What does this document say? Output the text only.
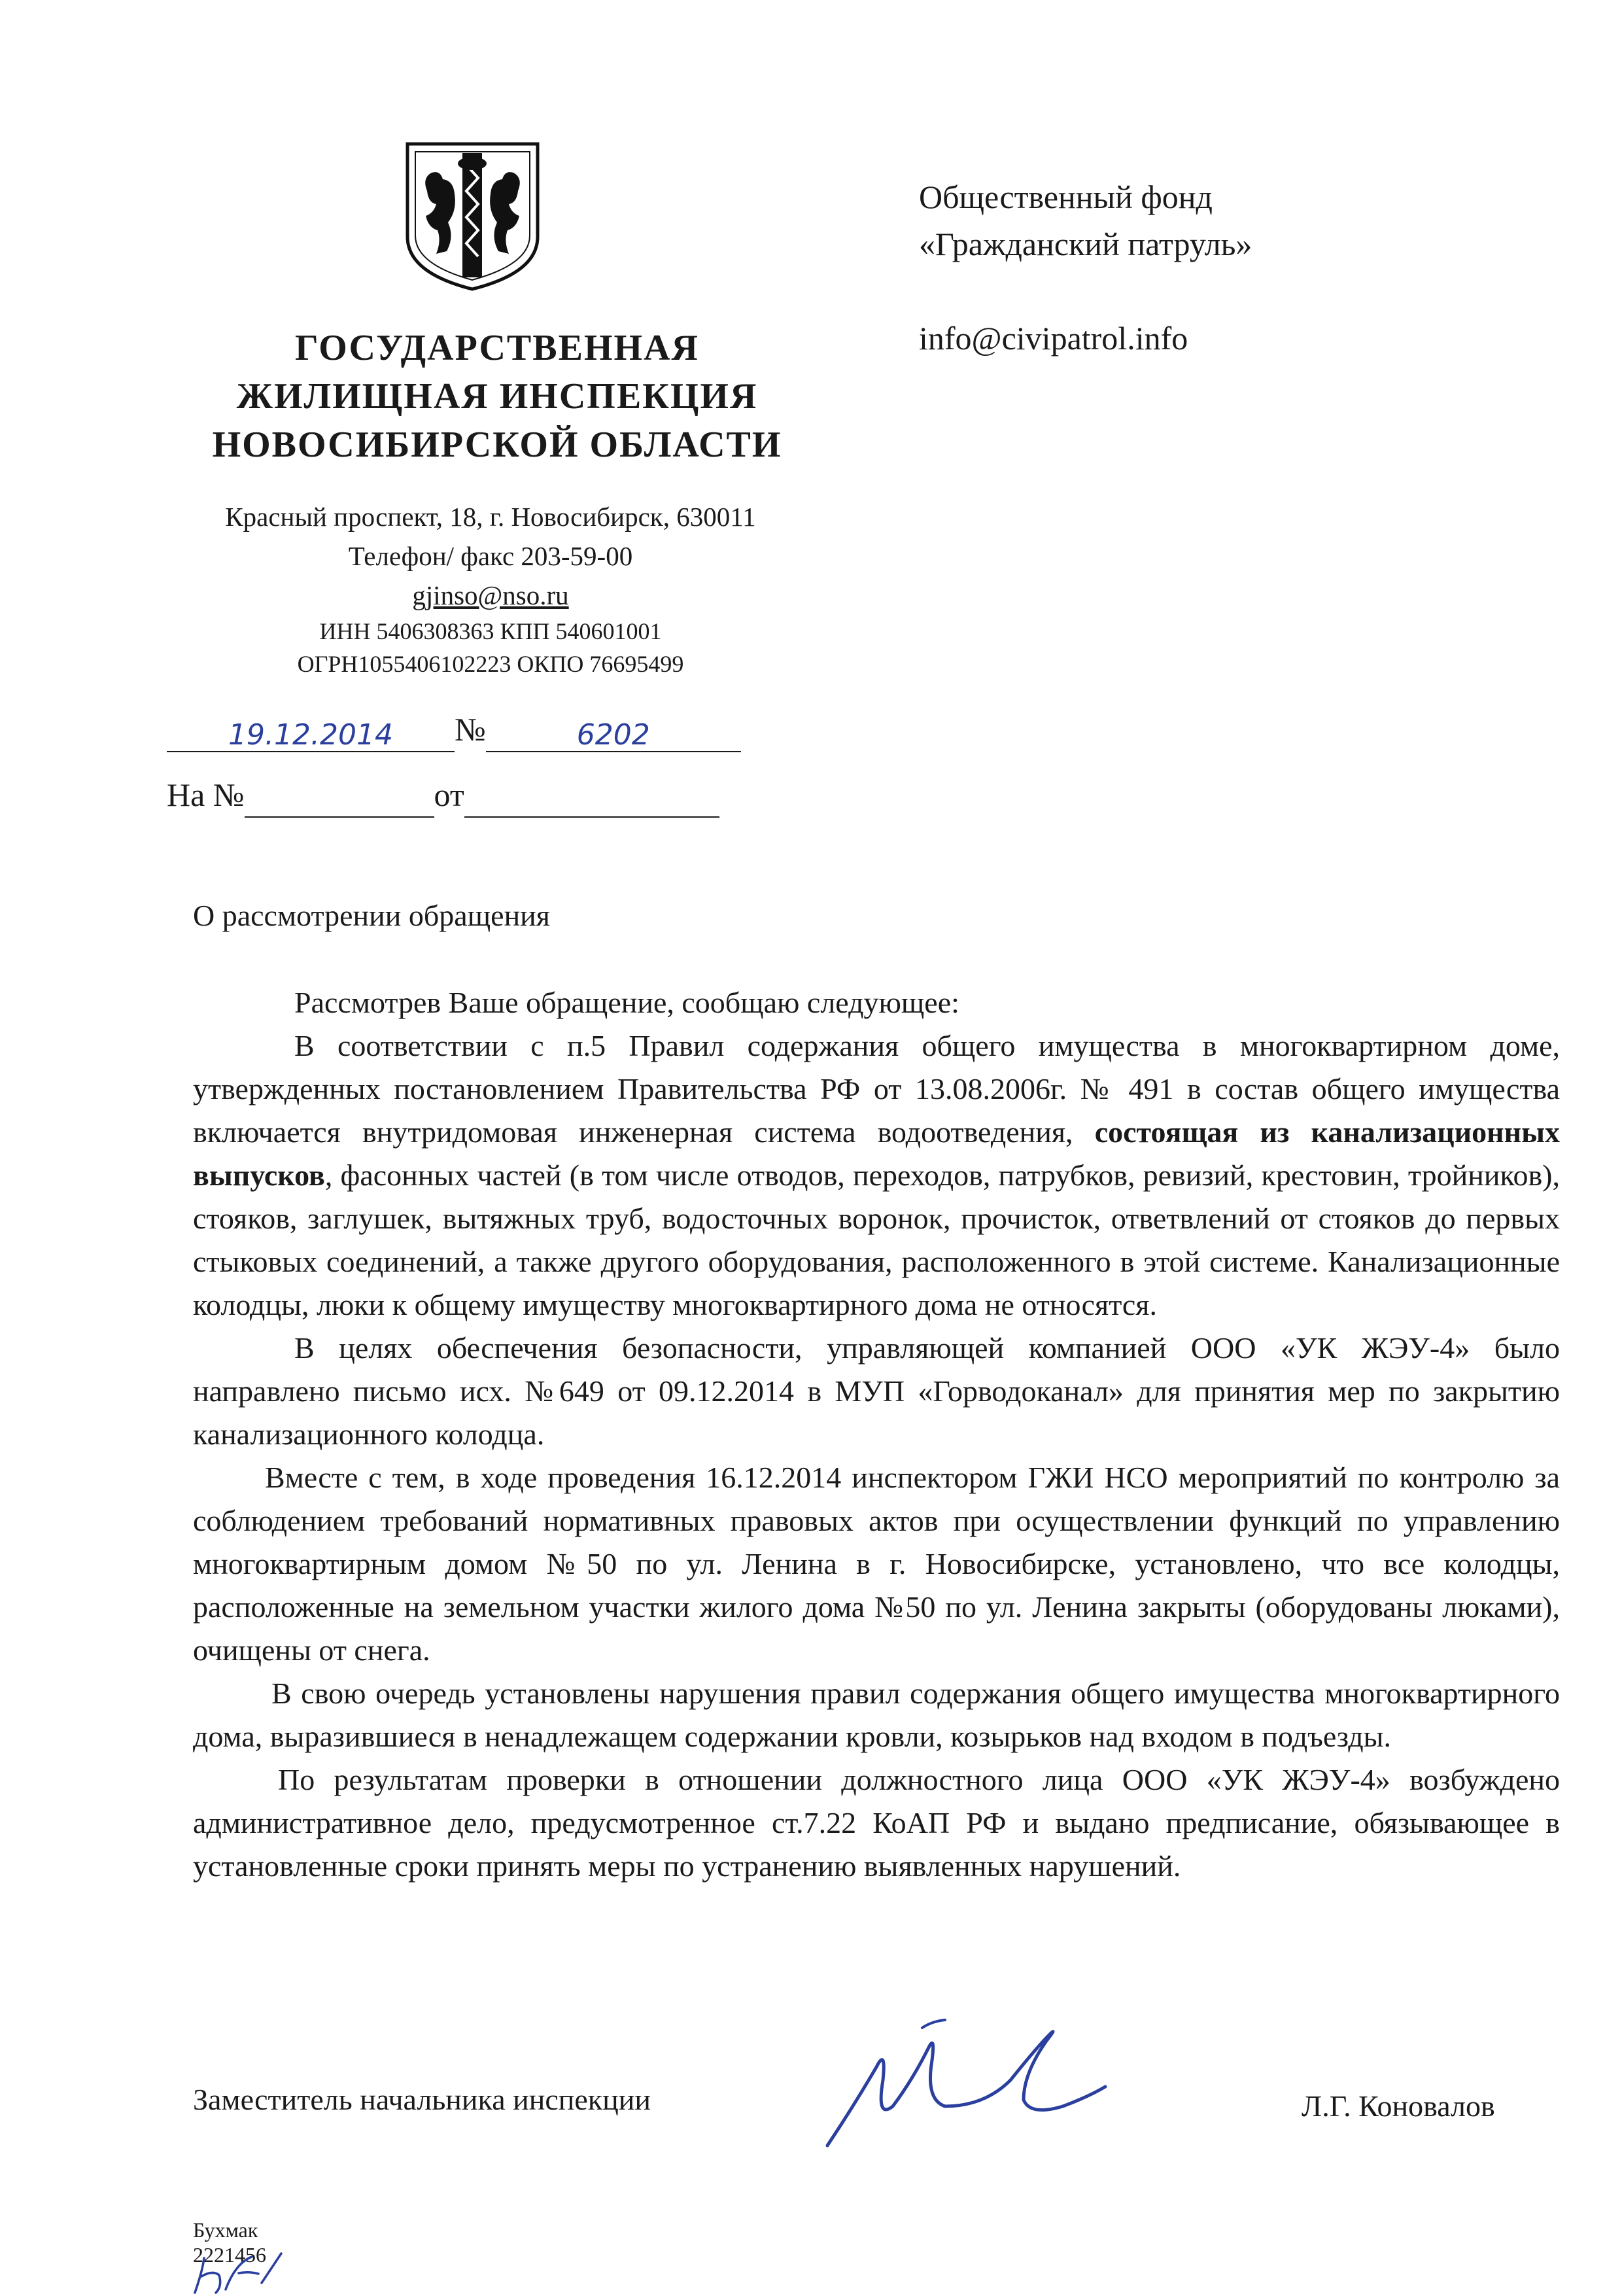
ГОСУДАРСТВЕННАЯ
ЖИЛИЩНАЯ ИНСПЕКЦИЯ
НОВОСИБИРСКОЙ ОБЛАСТИ
Красный проспект, 18, г. Новосибирск, 630011
Телефон/ факс 203-59-00
gjinso@nso.ru
ИНН 5406308363 КПП 540601001
ОГРН1055406102223 ОКПО 76695499
Общественный фонд
«Гражданский патруль»
info@civipatrol.info
19.12.2014 №	6202
На №	от
О рассмотрении обращения

Рассмотрев Ваше обращение, сообщаю следующее:

В соответствии с п.5 Правил содержания общего имущества в многоквартирном доме, утвержденных постановлением Правительства РФ от 13.08.2006г. № 491 в состав общего имущества включается внутридомовая инженерная система водоотведения, состоящая из канализационных выпусков, фасонных частей (в том числе отводов, переходов, патрубков, ревизий, крестовин, тройников), стояков, заглушек, вытяжных труб, водосточных воронок, прочисток, ответвлений от стояков до первых стыковых соединений, а также другого оборудования, расположенного в этой системе. Канализационные колодцы, люки к общему имуществу многоквартирного дома не относятся.

В целях обеспечения безопасности, управляющей компанией ООО «УК ЖЭУ-4» было направлено письмо исх. №649 от 09.12.2014 в МУП «Горводоканал» для принятия мер по закрытию канализационного колодца.

Вместе с тем, в ходе проведения 16.12.2014 инспектором ГЖИ НСО мероприятий по контролю за соблюдением требований нормативных правовых актов при осуществлении функций по управлению многоквартирным домом №50 по ул. Ленина в г. Новосибирске, установлено, что все колодцы, расположенные на земельном участки жилого дома №50 по ул. Ленина закрыты (оборудованы люками), очищены от снега.

В свою очередь установлены нарушения правил содержания общего имущества многоквартирного дома, выразившиеся в ненадлежащем содержании кровли, козырьков над входом в подъезды.

По результатам проверки в отношении должностного лица ООО «УК ЖЭУ-4» возбуждено административное дело, предусмотренное ст.7.22 КоАП РФ и выдано предписание, обязывающее в установленные сроки принять меры по устранению выявленных нарушений.

Заместитель начальника инспекции	Л.Г. Коновалов
Бухмак
2221456
